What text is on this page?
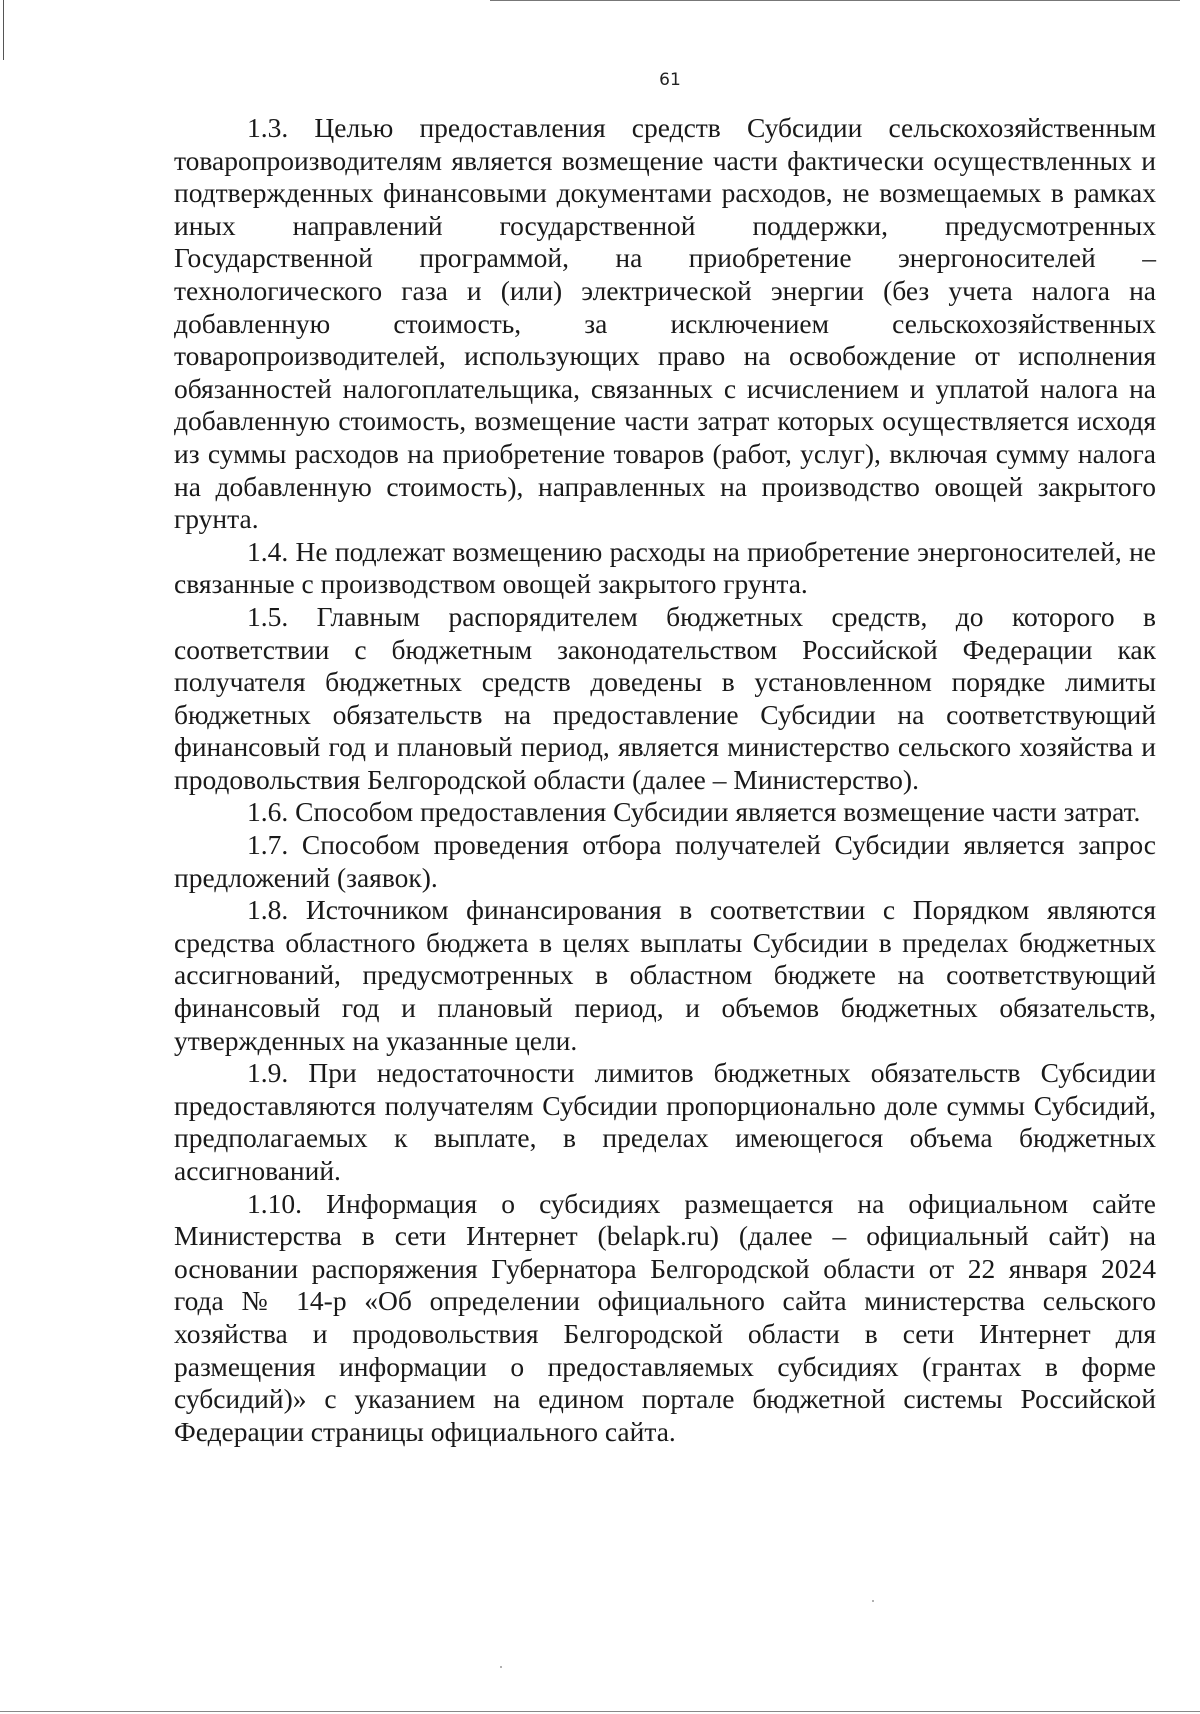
61

1.3. Целью предоставления средств Субсидии сельскохозяйственным товаропроизводителям является возмещение части фактически осуществленных и подтвержденных финансовыми документами расходов, не возмещаемых в рамках иных направлений государственной поддержки, предусмотренных Государственной программой, на приобретение энергоносителей – технологического газа и (или) электрической энергии (без учета налога на добавленную стоимость, за исключением сельскохозяйственных товаропроизводителей, использующих право на освобождение от исполнения обязанностей налогоплательщика, связанных с исчислением и уплатой налога на добавленную стоимость, возмещение части затрат которых осуществляется исходя из суммы расходов на приобретение товаров (работ, услуг), включая сумму налога на добавленную стоимость), направленных на производство овощей закрытого грунта.

1.4. Не подлежат возмещению расходы на приобретение энергоносителей, не связанные с производством овощей закрытого грунта.

1.5. Главным распорядителем бюджетных средств, до которого в соответствии с бюджетным законодательством Российской Федерации как получателя бюджетных средств доведены в установленном порядке лимиты бюджетных обязательств на предоставление Субсидии на соответствующий финансовый год и плановый период, является министерство сельского хозяйства и продовольствия Белгородской области (далее – Министерство).

1.6. Способом предоставления Субсидии является возмещение части затрат.

1.7. Способом проведения отбора получателей Субсидии является запрос предложений (заявок).

1.8. Источником финансирования в соответствии с Порядком являются средства областного бюджета в целях выплаты Субсидии в пределах бюджетных ассигнований, предусмотренных в областном бюджете на соответствующий финансовый год и плановый период, и объемов бюджетных обязательств, утвержденных на указанные цели.

1.9. При недостаточности лимитов бюджетных обязательств Субсидии предоставляются получателям Субсидии пропорционально доле суммы Субсидий, предполагаемых к выплате, в пределах имеющегося объема бюджетных ассигнований.

1.10. Информация о субсидиях размещается на официальном сайте Министерства в сети Интернет (belapk.ru) (далее – официальный сайт) на основании распоряжения Губернатора Белгородской области от 22 января 2024 года № 14-р «Об определении официального сайта министерства сельского хозяйства и продовольствия Белгородской области в сети Интернет для размещения информации о предоставляемых субсидиях (грантах в форме субсидий)» с указанием на едином портале бюджетной системы Российской Федерации страницы официального сайта.
